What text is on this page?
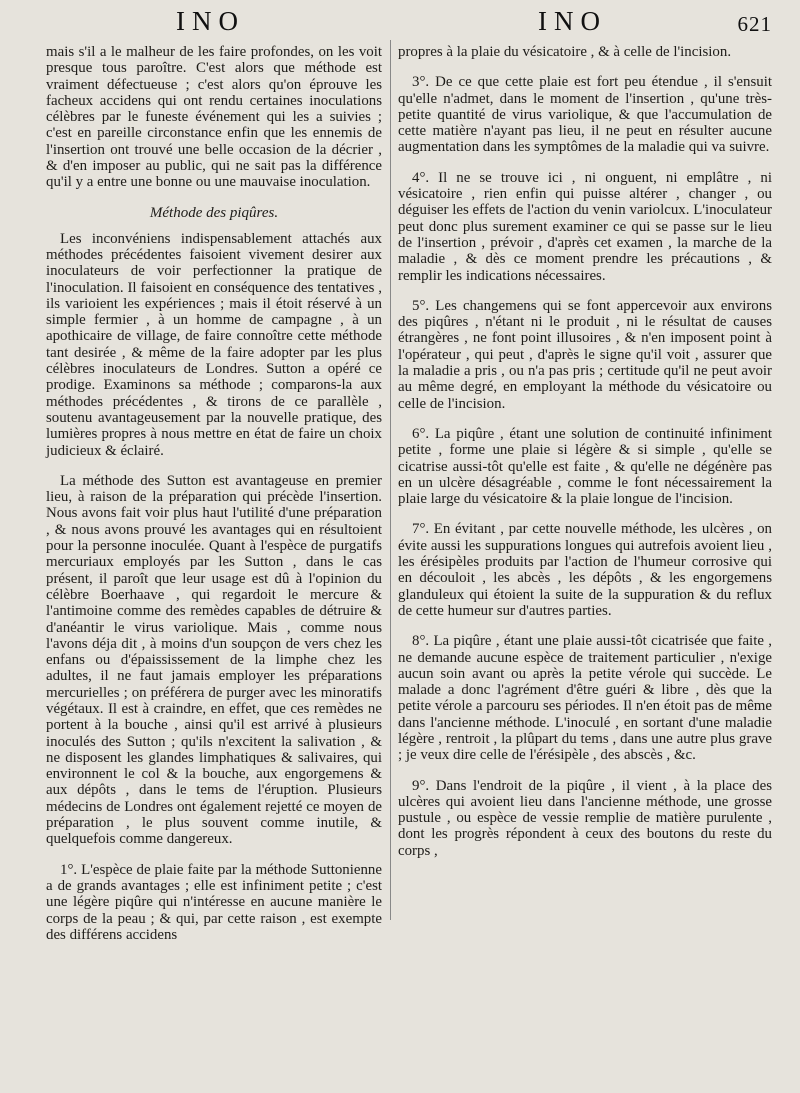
INO	INO	621

mais s'il a le malheur de les faire profondes, on les voit presque tous paroître. C'est alors que méthode est vraiment défectueuse ; c'est alors qu'on éprouve les facheux accidens qui ont rendu certaines inoculations célèbres par le funeste événement qui les a suivies ; c'est en pareille circonstance enfin que les ennemis de l'insertion ont trouvé une belle occasion de la décrier , & d'en imposer au public, qui ne sait pas la différence qu'il y a entre une bonne ou une mauvaise inoculation.

Méthode des piqûres.

Les inconvéniens indispensablement attachés aux méthodes précédentes faisoient vivement desirer aux inoculateurs de voir perfectionner la pratique de l'inoculation. Il faisoient en conséquence des tentatives , ils varioient les expériences ; mais il étoit réservé à un simple fermier , à un homme de campagne , à un apothicaire de village, de faire connoître cette méthode tant desirée , & même de la faire adopter par les plus célèbres inoculateurs de Londres. Sutton a opéré ce prodige. Examinons sa méthode ; comparons-la aux méthodes précédentes , & tirons de ce parallèle , soutenu avantageusement par la nouvelle pratique, des lumières propres à nous mettre en état de faire un choix judicieux & éclairé.

La méthode des Sutton est avantageuse en premier lieu, à raison de la préparation qui précède l'insertion. Nous avons fait voir plus haut l'utilité d'une préparation , & nous avons prouvé les avantages qui en résultoient pour la personne inoculée. Quant à l'espèce de purgatifs mercuriaux employés par les Sutton , dans le cas présent, il paroît que leur usage est dû à l'opinion du célèbre Boerhaave , qui regardoit le mercure & l'antimoine comme des remèdes capables de détruire & d'anéantir le virus variolique. Mais , comme nous l'avons déja dit , à moins d'un soupçon de vers chez les enfans ou d'épaississement de la limphe chez les adultes, il ne faut jamais employer les préparations mercurielles ; on préférera de purger avec les minoratifs végétaux. Il est à craindre, en effet, que ces remèdes ne portent à la bouche , ainsi qu'il est arrivé à plusieurs inoculés des Sutton ; qu'ils n'excitent la salivation , & ne disposent les glandes limphatiques & salivaires, qui environnent le col & la bouche, aux engorgemens & aux dépôts , dans le tems de l'éruption. Plusieurs médecins de Londres ont également rejetté ce moyen de préparation , le plus souvent comme inutile, & quelquefois comme dangereux.

1°. L'espèce de plaie faite par la méthode Suttonienne a de grands avantages ; elle est infiniment petite ; c'est une légère piqûre qui n'intéresse en aucune manière le corps de la peau ; & qui, par cette raison , est exempte des différens accidens

propres à la plaie du vésicatoire , & à celle de l'incision.

3°. De ce que cette plaie est fort peu étendue , il s'ensuit qu'elle n'admet, dans le moment de l'insertion , qu'une très-petite quantité de virus variolique, & que l'accumulation de cette matière n'ayant pas lieu, il ne peut en résulter aucune augmentation dans les symptômes de la maladie qui va suivre.

4°. Il ne se trouve ici , ni onguent, ni emplâtre , ni vésicatoire , rien enfin qui puisse altérer , changer , ou déguiser les effets de l'action du venin variolcux. L'inoculateur peut donc plus surement examiner ce qui se passe sur le lieu de l'insertion , prévoir , d'après cet examen , la marche de la maladie , & dès ce moment prendre les précautions , & remplir les indications nécessaires.

5°. Les changemens qui se font appercevoir aux environs des piqûres , n'étant ni le produit , ni le résultat de causes étrangères , ne font point illusoires , & n'en imposent point à l'opérateur , qui peut , d'après le signe qu'il voit , assurer que la maladie a pris , ou n'a pas pris ; certitude qu'il ne peut avoir au même degré, en employant la méthode du vésicatoire ou celle de l'incision.

6°. La piqûre , étant une solution de continuité infiniment petite , forme une plaie si légère & si simple , qu'elle se cicatrise aussi-tôt qu'elle est faite , & qu'elle ne dégénère pas en un ulcère désagréable , comme le font nécessairement la plaie large du vésicatoire & la plaie longue de l'incision.

7°. En évitant , par cette nouvelle méthode, les ulcères , on évite aussi les suppurations longues qui autrefois avoient lieu , les érésipèles produits par l'action de l'humeur corrosive qui en découloit , les abcès , les dépôts , & les engorgemens glanduleux qui étoient la suite de la suppuration & du reflux de cette humeur sur d'autres parties.

8°. La piqûre , étant une plaie aussi-tôt cicatrisée que faite , ne demande aucune espèce de traitement particulier , n'exige aucun soin avant ou après la petite vérole qui succède. Le malade a donc l'agrément d'être guéri & libre , dès que la petite vérole a parcouru ses périodes. Il n'en étoit pas de même dans l'ancienne méthode. L'inoculé , en sortant d'une maladie légère , rentroit , la plûpart du tems , dans une autre plus grave ; je veux dire celle de l'érésipèle , des abscès , &c.

9°. Dans l'endroit de la piqûre , il vient , à la place des ulcères qui avoient lieu dans l'ancienne méthode, une grosse pustule , ou espèce de vessie remplie de matière purulente , dont les progrès répondent à ceux des boutons du reste du corps ,
